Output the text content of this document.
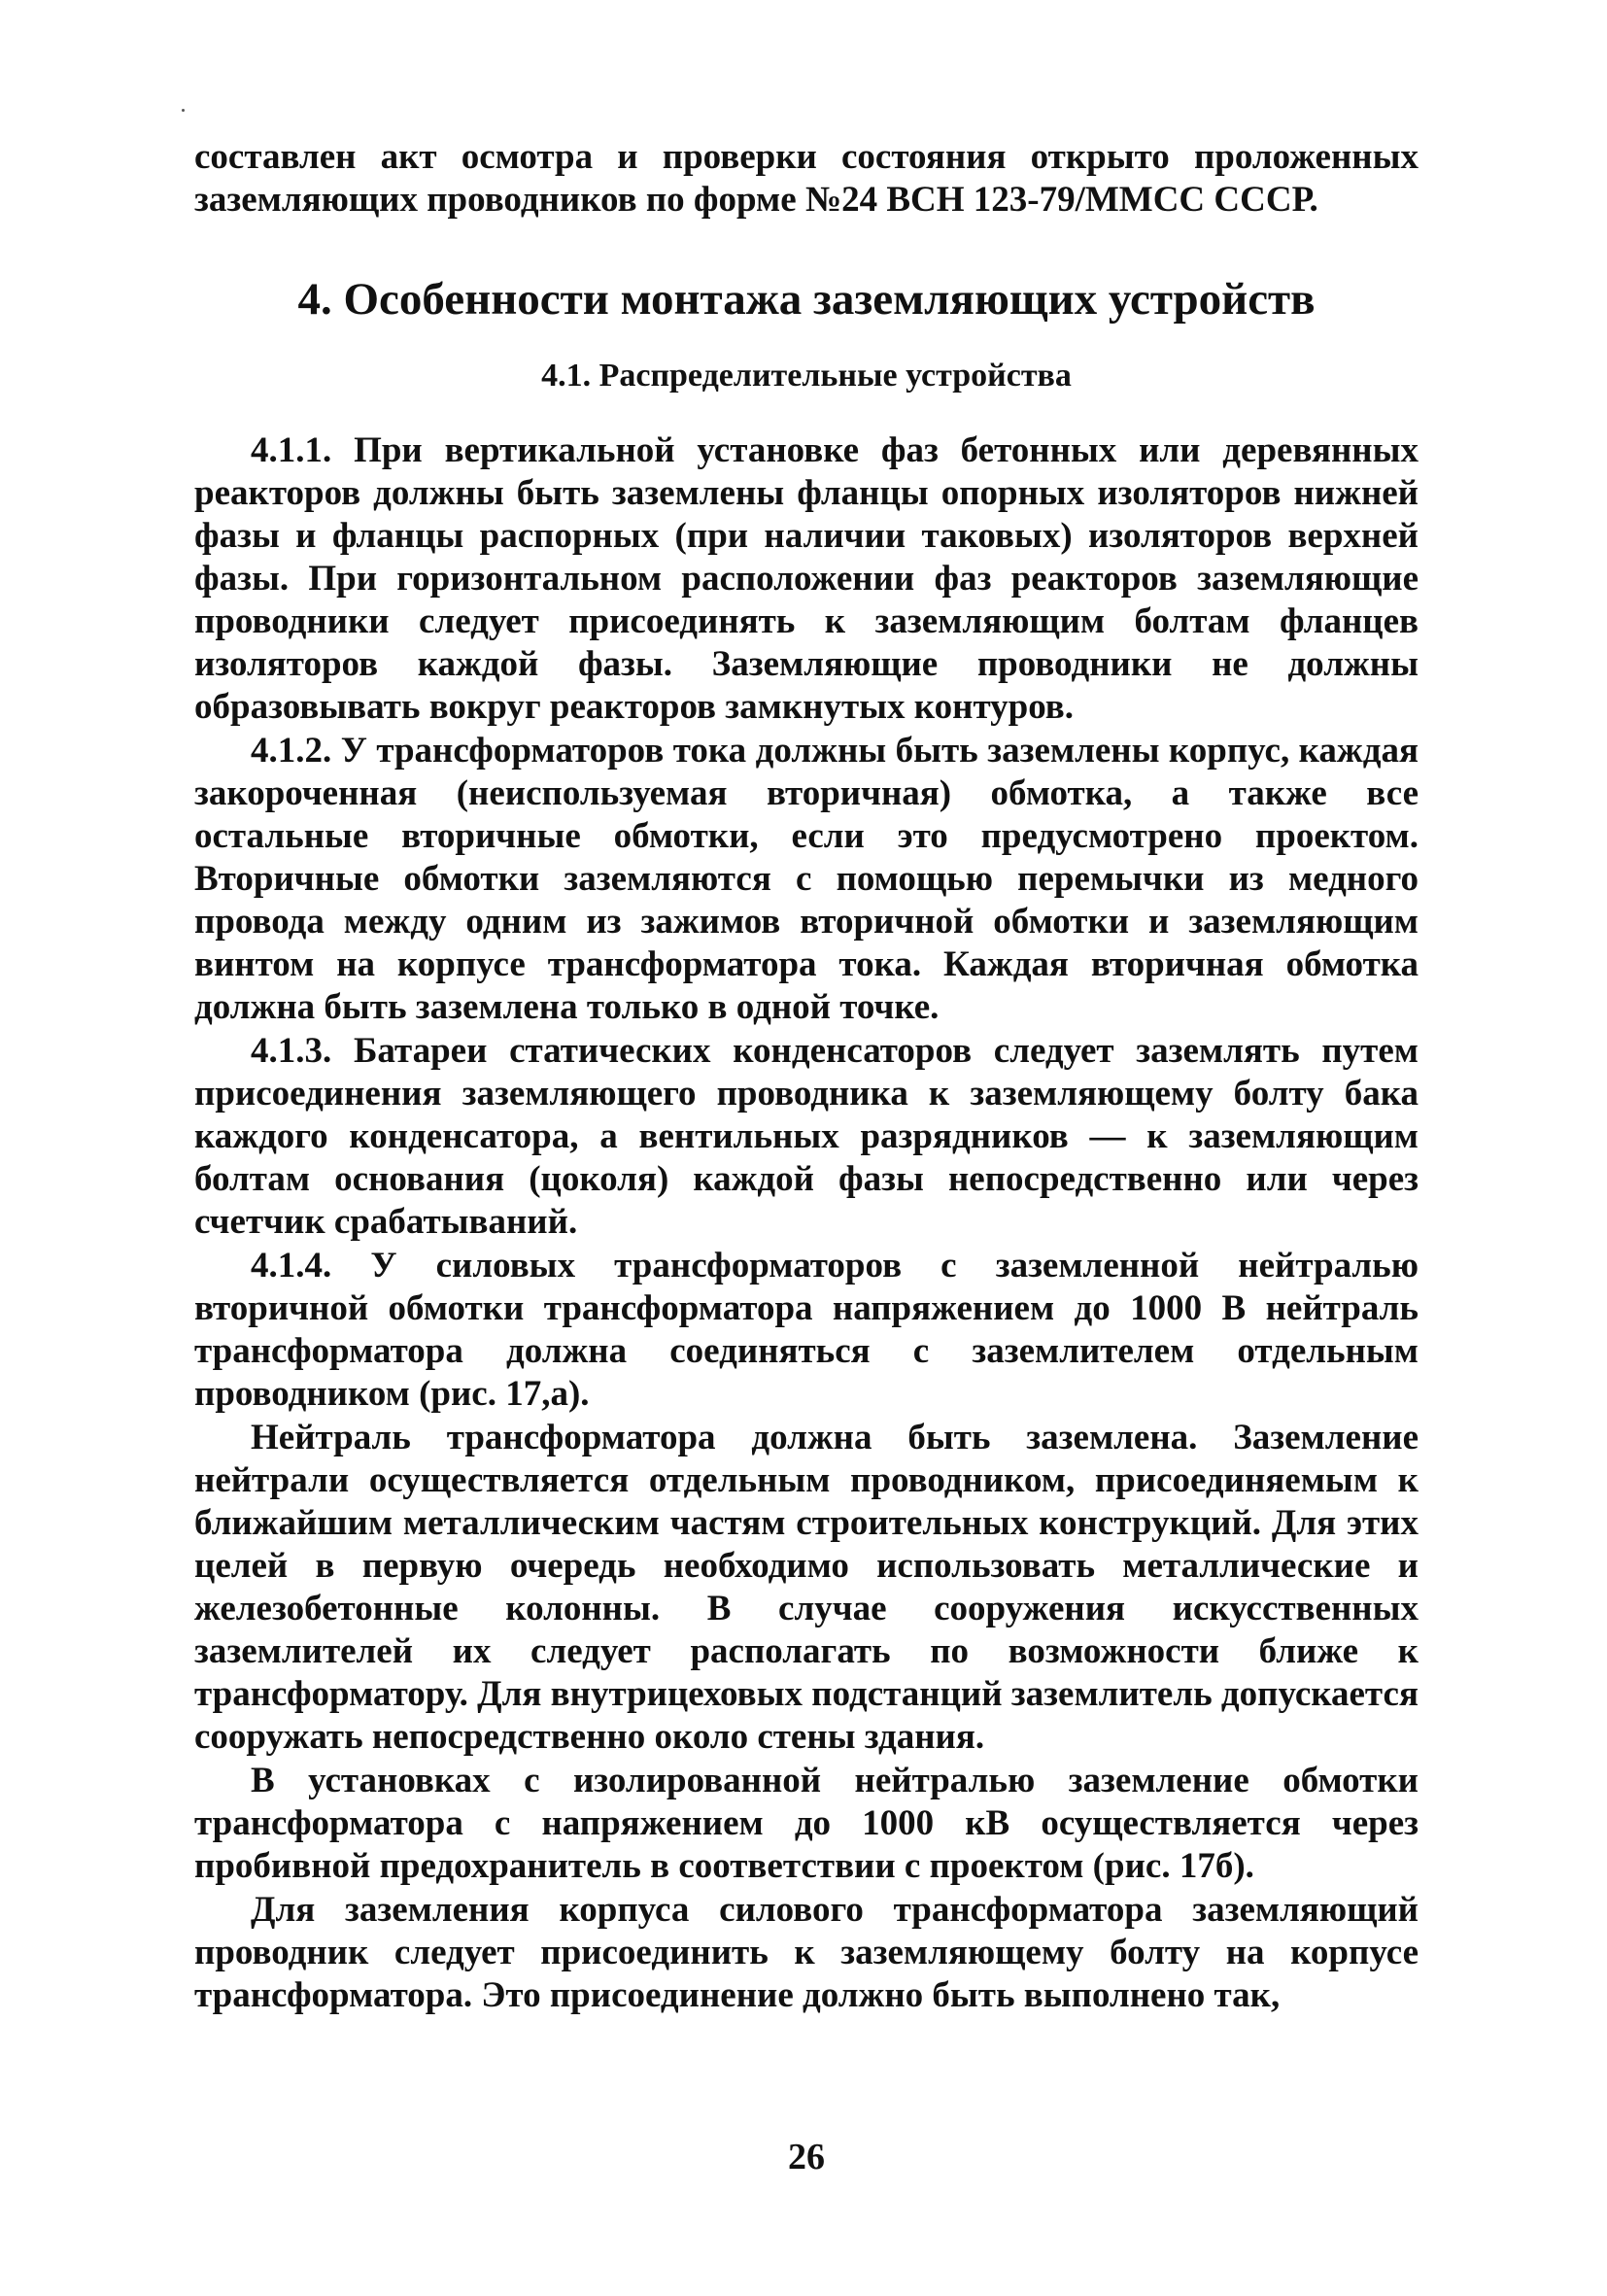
составлен акт осмотра и проверки состояния открыто проложенных заземляющих проводников по форме №24 ВСН 123-79/ММСС СССР.

4. Особенности монтажа заземляющих устройств
4.1. Распределительные устройства

4.1.1. При вертикальной установке фаз бетонных или деревянных реакторов должны быть заземлены фланцы опорных изоляторов нижней фазы и фланцы распорных (при наличии таковых) изоляторов верхней фазы. При горизонтальном расположении фаз реакторов заземляющие проводники следует присоединять к заземляющим болтам фланцев изоляторов каждой фазы. Заземляющие проводники не должны образовывать вокруг реакторов замкнутых контуров.

4.1.2. У трансформаторов тока должны быть заземлены корпус, каждая закороченная (неиспользуемая вторичная) обмотка, а также все остальные вторичные обмотки, если это предусмотрено проектом. Вторичные обмотки заземляются с помощью перемычки из медного провода между одним из зажимов вторичной обмотки и заземляющим винтом на корпусе трансформатора тока. Каждая вторичная обмотка должна быть заземлена только в одной точке.

4.1.3. Батареи статических конденсаторов следует заземлять путем присоединения заземляющего проводника к заземляющему болту бака каждого конденсатора, а вентильных разрядников — к заземляющим болтам основания (цоколя) каждой фазы непосредственно или через счетчик срабатываний.

4.1.4. У силовых трансформаторов с заземленной нейтралью вторичной обмотки трансформатора напряжением до 1000 В нейтраль трансформатора должна соединяться с заземлителем отдельным проводником (рис. 17,а).

Нейтраль трансформатора должна быть заземлена. Заземление нейтрали осуществляется отдельным проводником, присоединяемым к ближайшим металлическим частям строительных конструкций. Для этих целей в первую очередь необходимо использовать металлические и железобетонные колонны. В случае сооружения искусственных заземлителей их следует располагать по возможности ближе к трансформатору. Для внутрицеховых подстанций заземлитель допускается сооружать непосредственно около стены здания.

В установках с изолированной нейтралью заземление обмотки трансформатора с напряжением до 1000 кВ осуществляется через пробивной предохранитель в соответствии с проектом (рис. 17б).

Для заземления корпуса силового трансформатора заземляющий проводник следует присоединить к заземляющему болту на корпусе трансформатора. Это присоединение должно быть выполнено так,

26
